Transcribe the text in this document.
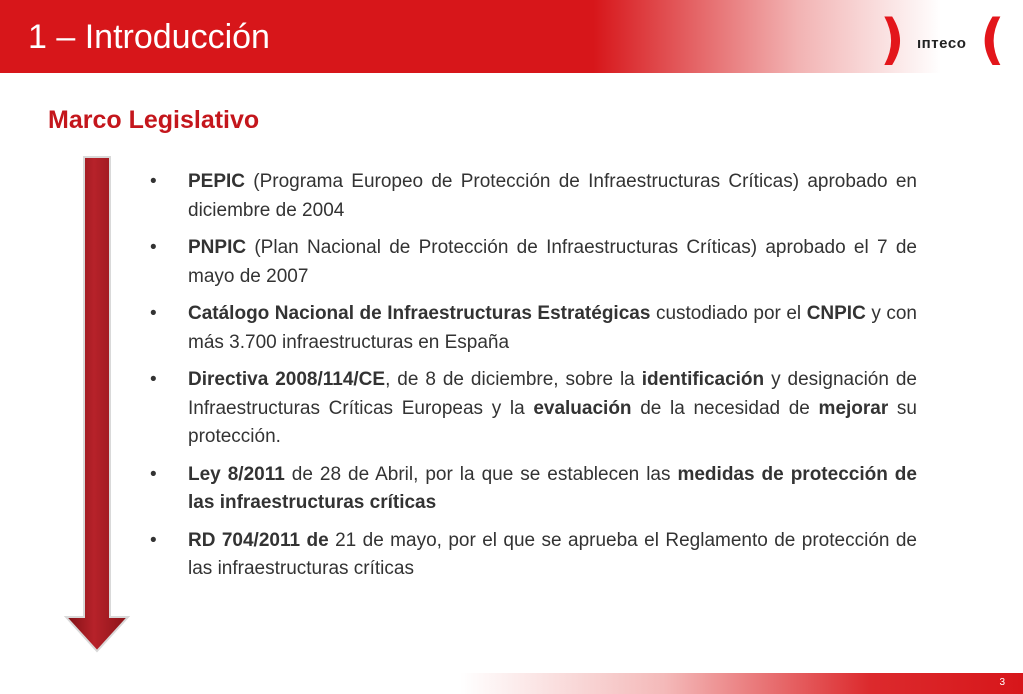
1 – Introducción	) ıптeco (
Marco Legislativo
•	PEPIC (Programa Europeo de Protección de Infraestructuras Críticas) aprobado en diciembre de 2004
•	PNPIC (Plan Nacional de Protección de Infraestructuras Críticas) aprobado el 7 de mayo de 2007
•	Catálogo Nacional de Infraestructuras Estratégicas custodiado por el CNPIC y con más 3.700 infraestructuras en España
•	Directiva 2008/114/CE, de 8 de diciembre, sobre la identificación y designación de Infraestructuras Críticas Europeas y la evaluación de la necesidad de mejorar su protección.
•	Ley 8/2011 de 28 de Abril, por la que se establecen las medidas de protección de las infraestructuras críticas
•	RD 704/2011 de 21 de mayo, por el que se aprueba el Reglamento de protección de las infraestructuras críticas
3
